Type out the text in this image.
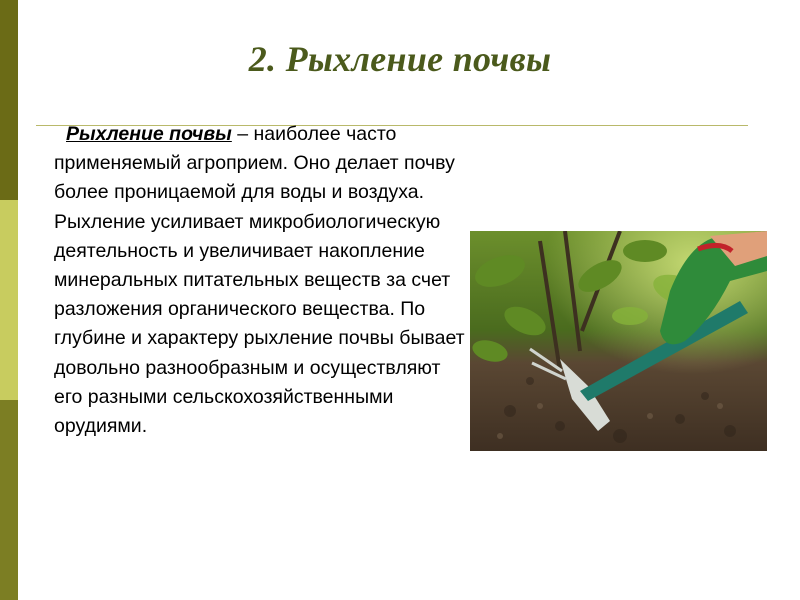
2. Рыхление почвы

Рыхление почвы – наиболее часто применяемый агроприем. Оно делает почву более проницаемой для воды и воздуха. Рыхление усиливает микробиологическую деятельность и увеличивает накопление минеральных питательных веществ за счет разложения органического вещества. По глубине и характеру рыхление почвы бывает довольно разнообразным и осуществляют его разными сельскохозяйственными орудиями.
